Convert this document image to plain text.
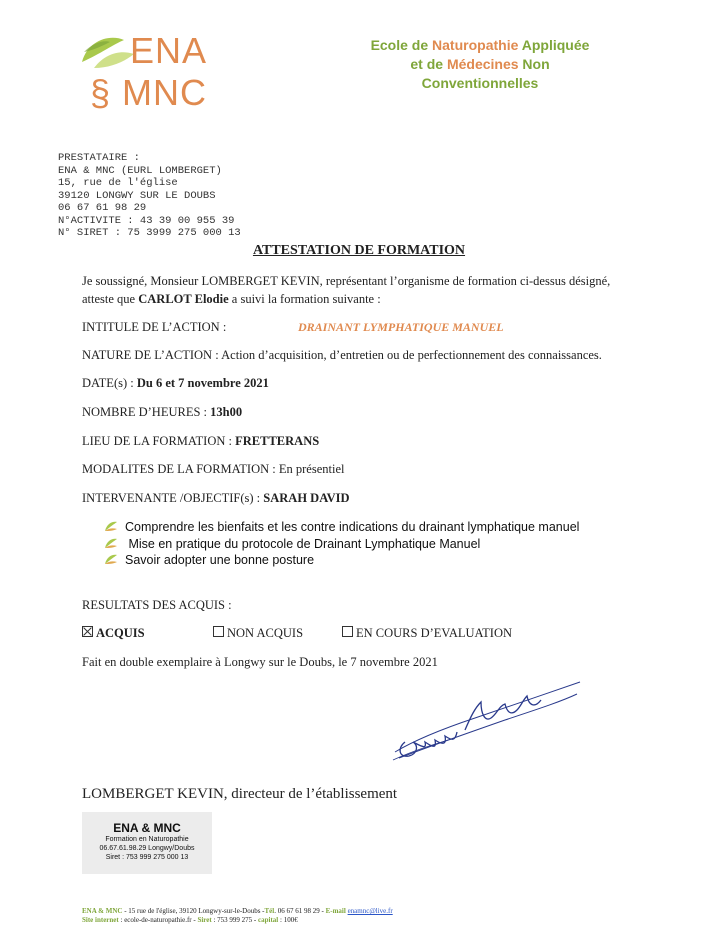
ENA
§ MNC
Ecole de Naturopathie Appliquée
et de Médecines Non
Conventionnelles
PRESTATAIRE :
ENA & MNC (EURL LOMBERGET)
15, rue de l'église
39120 LONGWY SUR LE DOUBS
06 67 61 98 29
N°ACTIVITE : 43 39 00 955 39
N° SIRET : 75 3999 275 000 13
ATTESTATION DE FORMATION
Je soussigné, Monsieur LOMBERGET KEVIN, représentant l’organisme de formation ci-dessus désigné,
atteste que CARLOT Elodie a suivi la formation suivante :
INTITULE DE L’ACTION :	DRAINANT LYMPHATIQUE MANUEL
NATURE DE L’ACTION : Action d’acquisition, d’entretien ou de perfectionnement des connaissances.
DATE(s) : Du 6 et 7 novembre 2021
NOMBRE D’HEURES : 13h00
LIEU DE LA FORMATION : FRETTERANS
MODALITES DE LA FORMATION : En présentiel
INTERVENANTE /OBJECTIF(s) : SARAH DAVID
Comprendre les bienfaits et les contre indications du drainant lymphatique manuel
Mise en pratique du protocole de Drainant Lymphatique Manuel
Savoir adopter une bonne posture
RESULTATS DES ACQUIS :
ACQUIS	NON ACQUIS	EN COURS D’EVALUATION
Fait en double exemplaire à Longwy sur le Doubs, le 7 novembre 2021
LOMBERGET KEVIN, directeur de l’établissement
ENA & MNC
Formation en Naturopathie
06.67.61.98.29 Longwy/Doubs
Siret : 753 999 275 000 13
ENA & MNC - 15 rue de l'église, 39120 Longwy-sur-le-Doubs -Tél. 06 67 61 98 29 - E-mail enamnc@live.fr
Site internet : ecole-de-naturopathie.fr - Siret : 753 999 275 - capital : 100€
